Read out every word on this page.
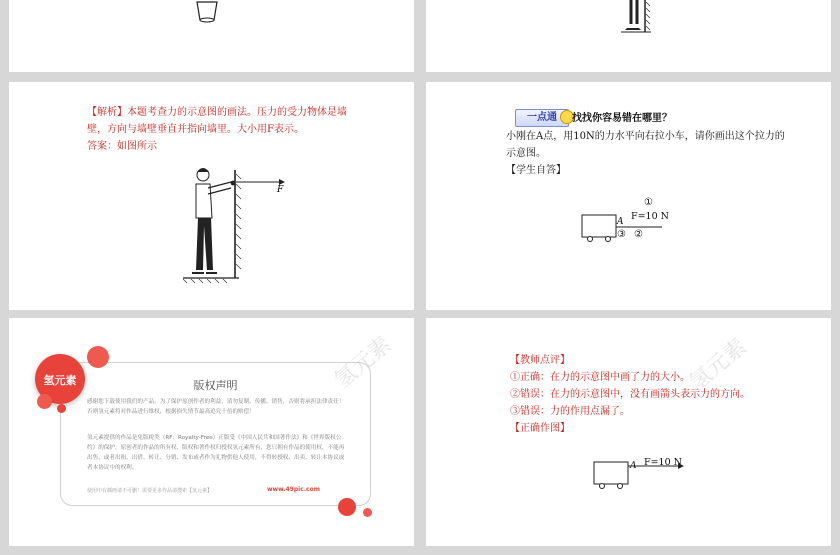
【解析】本题考查力的示意图的画法。压力的受力物体是墙
壁，方向与墙壁垂直并指向墙里。大小用F表示。
答案：如图所示
F
一点通	找找你容易错在哪里？
小刚在A点，用10N的力水平向右拉小车，请你画出这个拉力的
示意图。
【学生自答】
①
F=10 N
A
③ ②
版权声明
感谢您下载使用我们的产品，为了保护原创作者的利益，请勿复制、传播、销售，否则将承担法律责任！否则氢元素将对作品进行维权，根据损失情节最高追究十倍的赔偿！
氢元素提供的作品是免版税类（RF：Royalty-Free）正版受《中国人民共和国著作法》和《世界版权公约》的保护，原创者的作品的所有权、版权和著作权归授权氢元素所有，您只拥有作品的使用权，不能再出售、或者出租、出借、转让、分销、发布或者作为礼物供他人使用，不得转授权、出卖、转让本协议或者本协议中的权利。
使用中有插画请不可删！需要更多作品请搜索【氢元素】	www.49pic.com
氢元素	氢元素	氢元素
【教师点评】
①正确：在力的示意图中画了力的大小。
②错误：在力的示意图中，没有画箭头表示力的方向。
③错误：力的作用点漏了。
【正确作图】
A F=10 N
